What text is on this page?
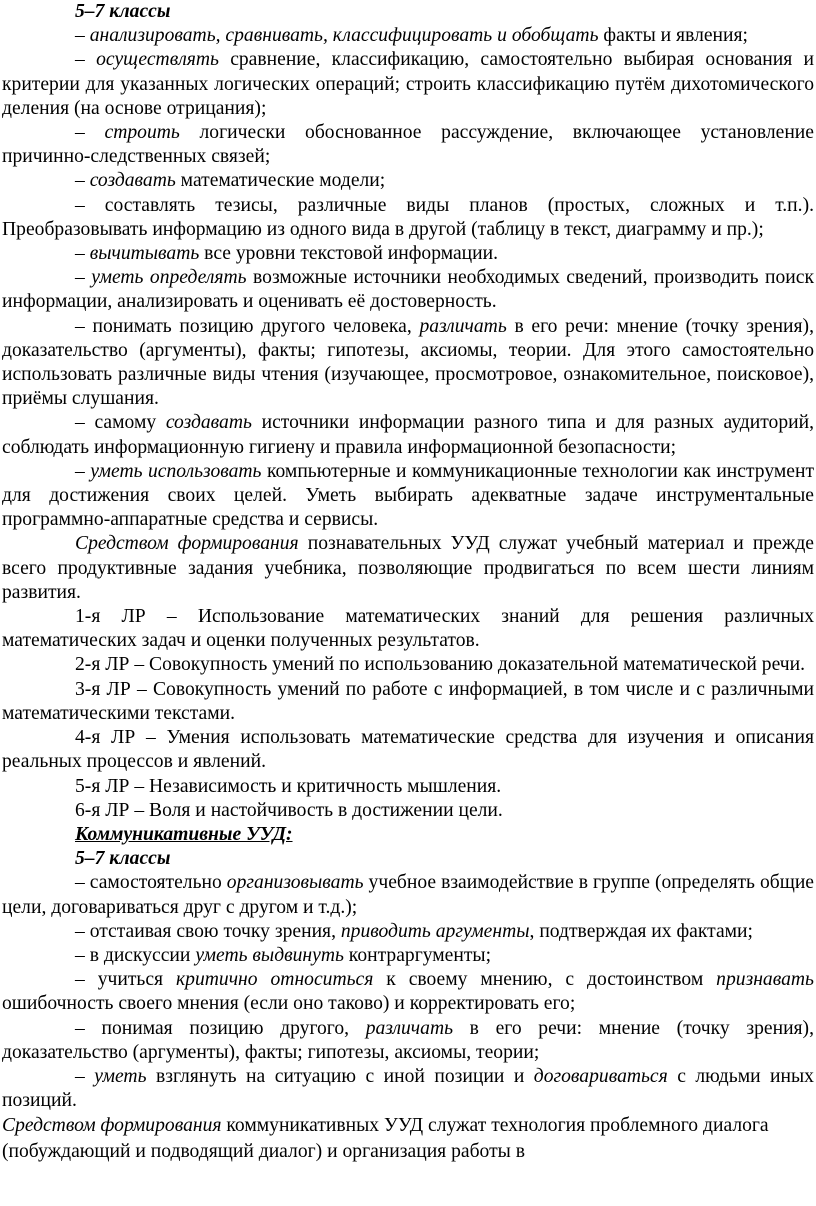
5–7 классы

– анализировать, сравнивать, классифицировать и обобщать факты и явления;

– осуществлять сравнение, классификацию, самостоятельно выбирая основания и критерии для указанных логических операций; строить классификацию путём дихотомического деления (на основе отрицания);

– строить логически обоснованное рассуждение, включающее установление причинно-следственных связей;

– создавать математические модели;

– составлять тезисы, различные виды планов (простых, сложных и т.п.). Преобразовывать информацию из одного вида в другой (таблицу в текст, диаграмму и пр.);

– вычитывать все уровни текстовой информации.

– уметь определять возможные источники необходимых сведений, производить поиск информации, анализировать и оценивать её достоверность.

– понимать позицию другого человека, различать в его речи: мнение (точку зрения), доказательство (аргументы), факты; гипотезы, аксиомы, теории. Для этого самостоятельно использовать различные виды чтения (изучающее, просмотровое, ознакомительное, поисковое), приёмы слушания.

– самому создавать источники информации разного типа и для разных аудиторий, соблюдать информационную гигиену и правила информационной безопасности;

– уметь использовать компьютерные и коммуникационные технологии как инструмент для достижения своих целей. Уметь выбирать адекватные задаче инструментальные программно-аппаратные средства и сервисы.

Средством формирования познавательных УУД служат учебный материал и прежде всего продуктивные задания учебника, позволяющие продвигаться по всем шести линиям развития.

1-я ЛР – Использование математических знаний для решения различных математических задач и оценки полученных результатов.

2-я ЛР – Совокупность умений по использованию доказательной математической речи.

3-я ЛР – Совокупность умений по работе с информацией, в том числе и с различными математическими текстами.

4-я ЛР – Умения использовать математические средства для изучения и описания реальных процессов и явлений.

5-я ЛР – Независимость и критичность мышления.

6-я ЛР – Воля и настойчивость в достижении цели.

Коммуникативные УУД:

5–7 классы

– самостоятельно организовывать учебное взаимодействие в группе (определять общие цели, договариваться друг с другом и т.д.);

– отстаивая свою точку зрения, приводить аргументы, подтверждая их фактами;

– в дискуссии уметь выдвинуть контраргументы;

– учиться критично относиться к своему мнению, с достоинством признавать ошибочность своего мнения (если оно таково) и корректировать его;

– понимая позицию другого, различать в его речи: мнение (точку зрения), доказательство (аргументы), факты; гипотезы, аксиомы, теории;

– уметь взглянуть на ситуацию с иной позиции и договариваться с людьми иных позиций.

Средством формирования коммуникативных УУД служат технология проблемного диалога (побуждающий и подводящий диалог) и организация работы в
